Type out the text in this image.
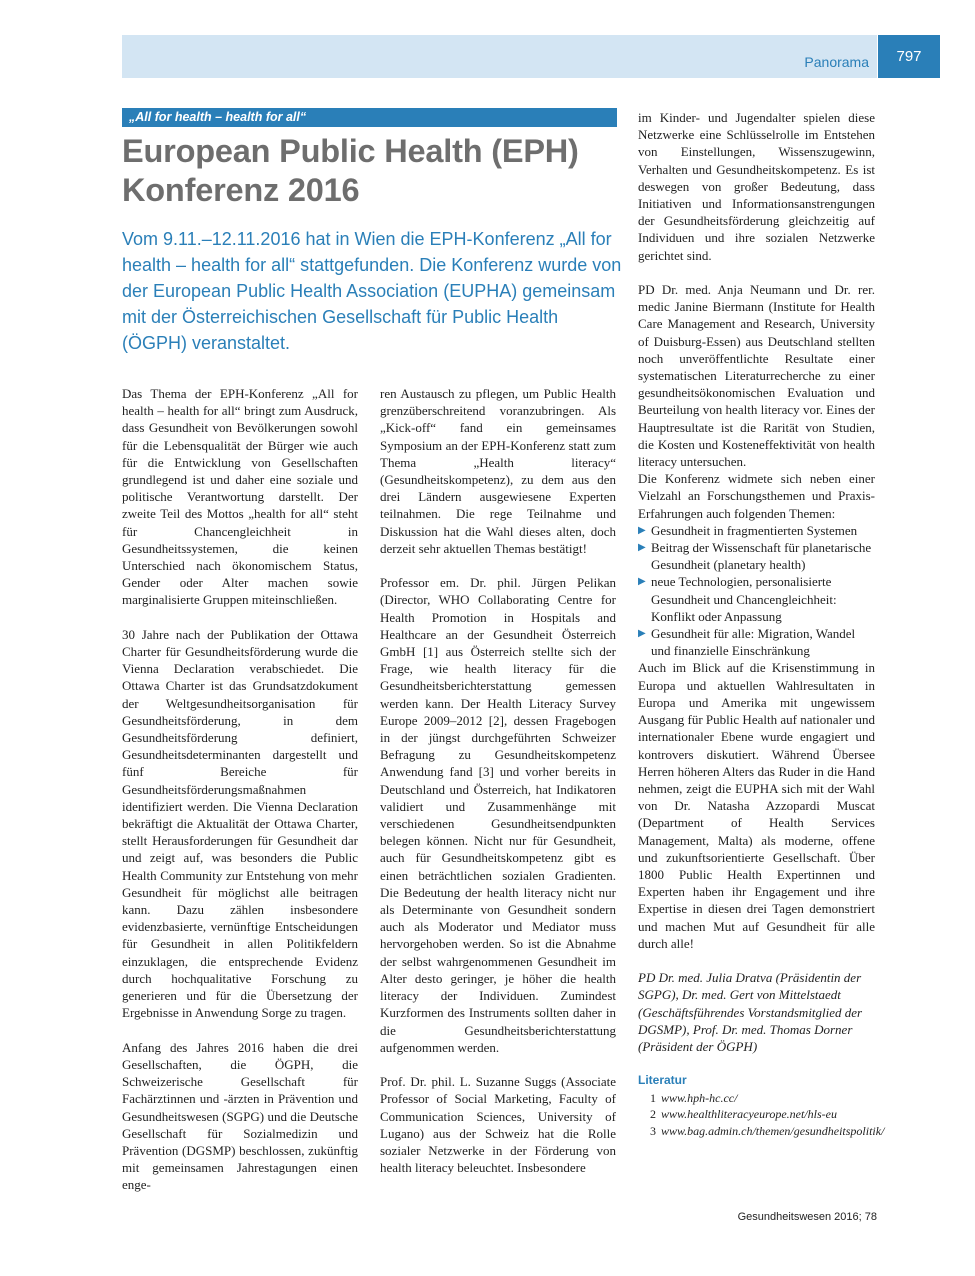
Panorama	797
„All for health – health for all“
European Public Health (EPH) Konferenz 2016

Vom 9.11.–12.11.2016 hat in Wien die EPH-Konferenz „All for health – health for all“ stattgefunden. Die Konferenz wurde von der European Public Health Association (EUPHA) gemeinsam mit der Österreichischen Gesellschaft für Public Health (ÖGPH) veranstaltet.

Das Thema der EPH-Konferenz „All for health – health for all“ bringt zum Ausdruck, dass Gesundheit von Bevölkerungen sowohl für die Lebensqualität der Bürger wie auch für die Entwicklung von Gesellschaften grundlegend ist und daher eine soziale und politische Verantwortung darstellt. Der zweite Teil des Mottos „health for all“ steht für Chancengleichheit in Gesundheitssystemen, die keinen Unterschied nach ökonomischem Status, Gender oder Alter machen sowie marginalisierte Gruppen miteinschließen.

30 Jahre nach der Publikation der Ottawa Charter für Gesundheitsförderung wurde die Vienna Declaration verabschiedet. Die Ottawa Charter ist das Grundsatzdokument der Weltgesundheitsorganisation für Gesundheitsförderung, in dem Gesundheitsförderung definiert, Gesundheitsdeterminanten dargestellt und fünf Bereiche für Gesundheitsförderungsmaßnahmen identifiziert werden. Die Vienna Declaration bekräftigt die Aktualität der Ottawa Charter, stellt Herausforderungen für Gesundheit dar und zeigt auf, was besonders die Public Health Community zur Entstehung von mehr Gesundheit für möglichst alle beitragen kann. Dazu zählen insbesondere evidenzbasierte, vernünftige Entscheidungen für Gesundheit in allen Politikfeldern einzuklagen, die entsprechende Evidenz durch hochqualitative Forschung zu generieren und für die Übersetzung der Ergebnisse in Anwendung Sorge zu tragen.

Anfang des Jahres 2016 haben die drei Gesellschaften, die ÖGPH, die Schweizerische Gesellschaft für Fachärztinnen und -ärzten in Prävention und Gesundheitswesen (SGPG) und die Deutsche Gesellschaft für Sozialmedizin und Prävention (DGSMP) beschlossen, zukünftig mit gemeinsamen Jahrestagungen einen enge-

ren Austausch zu pflegen, um Public Health grenzüberschreitend voranzubringen. Als „Kick-off“ fand ein gemeinsames Symposium an der EPH-Konferenz statt zum Thema „Health literacy“ (Gesundheitskompetenz), zu dem aus den drei Ländern ausgewiesene Experten teilnahmen. Die rege Teilnahme und Diskussion hat die Wahl dieses alten, doch derzeit sehr aktuellen Themas bestätigt!

Professor em. Dr. phil. Jürgen Pelikan (Director, WHO Collaborating Centre for Health Promotion in Hospitals and Healthcare an der Gesundheit Österreich GmbH [1] aus Österreich stellte sich der Frage, wie health literacy für die Gesundheitsberichterstattung gemessen werden kann. Der Health Literacy Survey Europe 2009–2012 [2], dessen Fragebogen in der jüngst durchgeführten Schweizer Befragung zu Gesundheitskompetenz Anwendung fand [3] und vorher bereits in Deutschland und Österreich, hat Indikatoren validiert und Zusammenhänge mit verschiedenen Gesundheitsendpunkten belegen können. Nicht nur für Gesundheit, auch für Gesundheitskompetenz gibt es einen beträchtlichen sozialen Gradienten. Die Bedeutung der health literacy nicht nur als Determinante von Gesundheit sondern auch als Moderator und Mediator muss hervorgehoben werden. So ist die Abnahme der selbst wahrgenommenen Gesundheit im Alter desto geringer, je höher die health literacy der Individuen. Zumindest Kurzformen des Instruments sollten daher in die Gesundheitsberichterstattung aufgenommen werden.

Prof. Dr. phil. L. Suzanne Suggs (Associate Professor of Social Marketing, Faculty of Communication Sciences, University of Lugano) aus der Schweiz hat die Rolle sozialer Netzwerke in der Förderung von health literacy beleuchtet. Insbesondere

im Kinder- und Jugendalter spielen diese Netzwerke eine Schlüsselrolle im Entstehen von Einstellungen, Wissenszugewinn, Verhalten und Gesundheitskompetenz. Es ist deswegen von großer Bedeutung, dass Initiativen und Informationsanstrengungen der Gesundheitsförderung gleichzeitig auf Individuen und ihre sozialen Netzwerke gerichtet sind.

PD Dr. med. Anja Neumann und Dr. rer. medic Janine Biermann (Institute for Health Care Management and Research, University of Duisburg-Essen) aus Deutschland stellten noch unveröffentlichte Resultate einer systematischen Literaturrecherche zu einer gesundheitsökonomischen Evaluation und Beurteilung von health literacy vor. Eines der Hauptresultate ist die Rarität von Studien, die Kosten und Kosteneffektivität von health literacy untersuchen.

Die Konferenz widmete sich neben einer Vielzahl an Forschungsthemen und Praxis-Erfahrungen auch folgenden Themen:

▶ Gesundheit in fragmentierten Systemen
▶ Beitrag der Wissenschaft für planetarische Gesundheit (planetary health)
▶ neue Technologien, personalisierte Gesundheit und Chancengleichheit: Konflikt oder Anpassung
▶ Gesundheit für alle: Migration, Wandel und finanzielle Einschränkung

Auch im Blick auf die Krisenstimmung in Europa und aktuellen Wahlresultaten in Europa und Amerika mit ungewissem Ausgang für Public Health auf nationaler und internationaler Ebene wurde engagiert und kontrovers diskutiert. Während Übersee Herren höheren Alters das Ruder in die Hand nehmen, zeigt die EUPHA sich mit der Wahl von Dr. Natasha Azzopardi Muscat (Department of Health Services Management, Malta) als moderne, offene und zukunftsorientierte Gesellschaft. Über 1800 Public Health Expertinnen und Experten haben ihr Engagement und ihre Expertise in diesen drei Tagen demonstriert und machen Mut auf Gesundheit für alle durch alle!

PD Dr. med. Julia Dratva (Präsidentin der SGPG), Dr. med. Gert von Mittelstaedt (Geschäftsführendes Vorstandsmitglied der DGSMP), Prof. Dr. med. Thomas Dorner (Präsident der ÖGPH)

Literatur
1 www.hph-hc.cc/
2 www.healthliteracyeurope.net/hls-eu
3 www.bag.admin.ch/themen/gesundheitspolitik/
Gesundheitswesen 2016; 78
